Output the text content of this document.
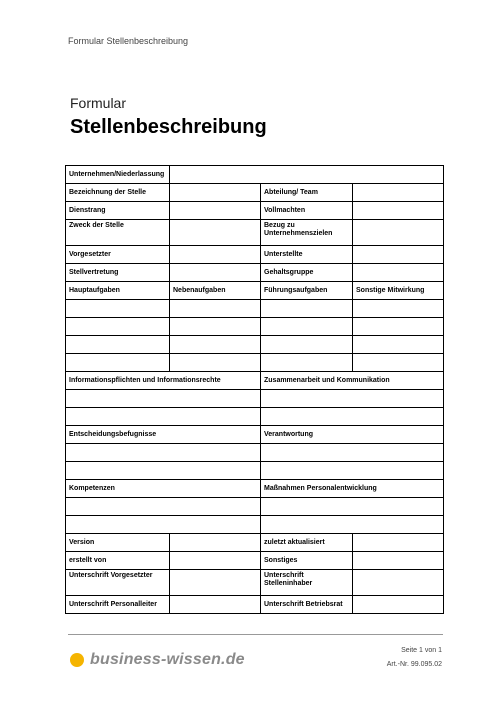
Formular Stellenbeschreibung
Formular
Stellenbeschreibung
Unternehmen/Niederlassung			
Bezeichnung der Stelle		Abteilung/ Team	
Dienstrang		Vollmachten	
Zweck der Stelle		Bezug zu Unternehmenszielen	
Vorgesetzter		Unterstellte	
Stellvertretung		Gehaltsgruppe	
Hauptaufgaben	Nebenaufgaben	Führungsaufgaben	Sonstige Mitwirkung

Informationspflichten und Informationsrechte		Zusammenarbeit und Kommunikation	

Entscheidungsbefugnisse		Verantwortung	

Kompetenzen		Maßnahmen Personalentwicklung	

Version		zuletzt aktualisiert	
erstellt von		Sonstiges	
Unterschrift Vorgesetzter		Unterschrift Stelleninhaber	
Unterschrift Personalleiter		Unterschrift Betriebsrat	
business-wissen.de
Seite 1 von 1
Art.-Nr. 99.095.02
